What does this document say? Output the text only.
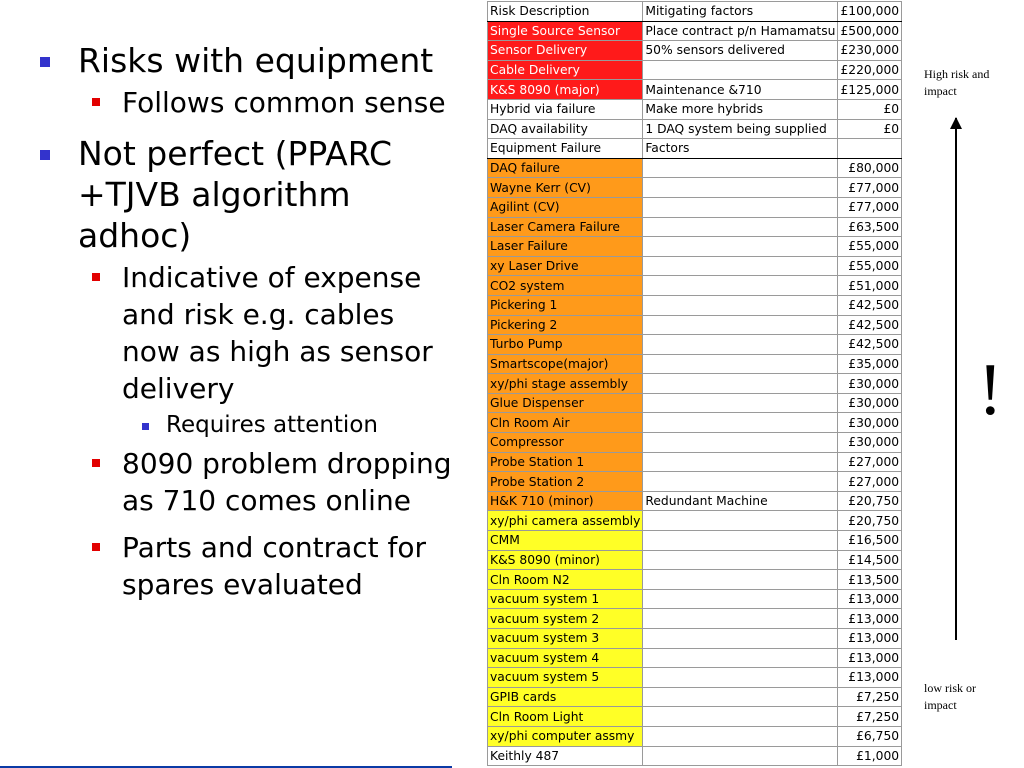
Risks with equipment
Follows common sense
Not perfect (PPARC +TJVB algorithm adhoc)
Indicative of expense and risk e.g. cables now as high as sensor delivery
Requires attention
8090 problem dropping as 710 comes online
Parts and contract for spares evaluated
Risk Description	Mitigating factors	£100,000
Single Source Sensor	Place contract p/n Hamamatsu	£500,000
Sensor Delivery	50% sensors delivered	£230,000
Cable Delivery		£220,000
K&S 8090 (major)	Maintenance &710	£125,000
Hybrid via failure	Make more hybrids	£0
DAQ availability	1 DAQ system being supplied	£0
Equipment Failure	Factors	
DAQ failure		£80,000
Wayne Kerr (CV)		£77,000
Agilint (CV)		£77,000
Laser Camera Failure		£63,500
Laser Failure		£55,000
xy Laser Drive		£55,000
CO2 system		£51,000
Pickering 1		£42,500
Pickering 2		£42,500
Turbo Pump		£42,500
Smartscope(major)		£35,000
xy/phi stage assembly		£30,000
Glue Dispenser		£30,000
Cln Room Air		£30,000
Compressor		£30,000
Probe Station 1		£27,000
Probe Station 2		£27,000
H&K 710 (minor)	Redundant Machine	£20,750
xy/phi camera assembly		£20,750
CMM		£16,500
K&S 8090 (minor)		£14,500
Cln Room N2		£13,500
vacuum system 1		£13,000
vacuum system 2		£13,000
vacuum system 3		£13,000
vacuum system 4		£13,000
vacuum system 5		£13,000
GPIB cards		£7,250
Cln Room Light		£7,250
xy/phi computer assmy		£6,750
Keithly 487		£1,000
High risk and impact
!
low risk or impact
